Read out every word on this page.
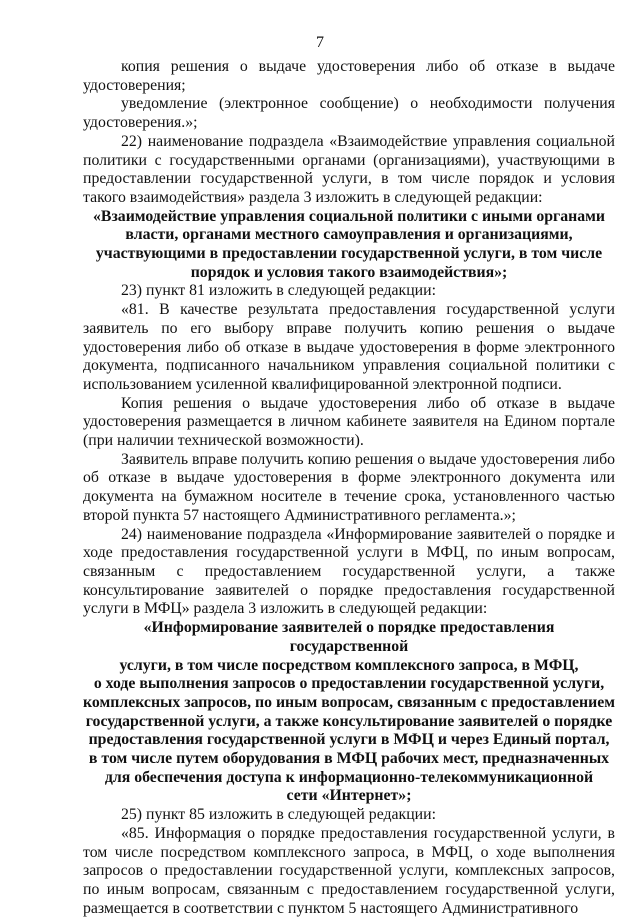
7

копия решения о выдаче удостоверения либо об отказе в выдаче удостоверения;

уведомление (электронное сообщение) о необходимости получения удостоверения.»;

22) наименование подраздела «Взаимодействие управления социальной политики с государственными органами (организациями), участвующими в предоставлении государственной услуги, в том числе порядок и условия такого взаимодействия» раздела 3 изложить в следующей редакции:

«Взаимодействие управления социальной политики с иными органами
власти, органами местного самоуправления и организациями,
участвующими в предоставлении государственной услуги, в том числе
порядок и условия такого взаимодействия»;

23) пункт 81 изложить в следующей редакции:

«81. В качестве результата предоставления государственной услуги заявитель по его выбору вправе получить копию решения о выдаче удостоверения либо об отказе в выдаче удостоверения в форме электронного документа, подписанного начальником управления социальной политики с использованием усиленной квалифицированной электронной подписи.

Копия решения о выдаче удостоверения либо об отказе в выдаче удостоверения размещается в личном кабинете заявителя на Едином портале (при наличии технической возможности).

Заявитель вправе получить копию решения о выдаче удостоверения либо об отказе в выдаче удостоверения в форме электронного документа или документа на бумажном носителе в течение срока, установленного частью второй пункта 57 настоящего Административного регламента.»;

24) наименование подраздела «Информирование заявителей о порядке и ходе предоставления государственной услуги в МФЦ, по иным вопросам, связанным с предоставлением государственной услуги, а также консультирование заявителей о порядке предоставления государственной услуги в МФЦ» раздела 3 изложить в следующей редакции:

«Информирование заявителей о порядке предоставления государственной
услуги, в том числе посредством комплексного запроса, в МФЦ,
о ходе выполнения запросов о предоставлении государственной услуги,
комплексных запросов, по иным вопросам, связанным с предоставлением
государственной услуги, а также консультирование заявителей о порядке
предоставления государственной услуги в МФЦ и через Единый портал,
в том числе путем оборудования в МФЦ рабочих мест, предназначенных
для обеспечения доступа к информационно-телекоммуникационной
сети «Интернет»;

25) пункт 85 изложить в следующей редакции:

«85. Информация о порядке предоставления государственной услуги, в том числе посредством комплексного запроса, в МФЦ, о ходе выполнения запросов о предоставлении государственной услуги, комплексных запросов, по иным вопросам, связанным с предоставлением государственной услуги, размещается в соответствии с пунктом 5 настоящего Административного
